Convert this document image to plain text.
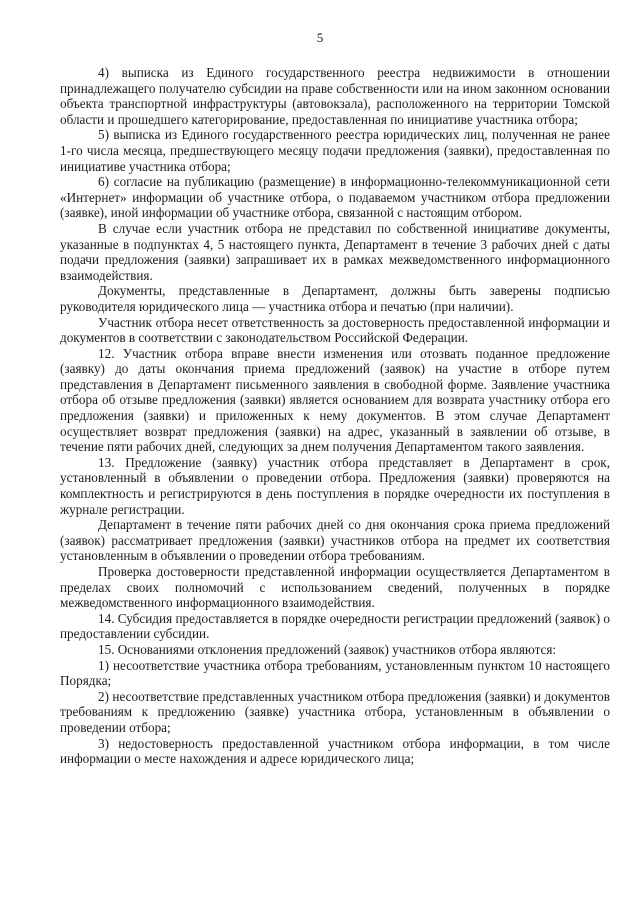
5

4) выписка из Единого государственного реестра недвижимости в отношении принадлежащего получателю субсидии на праве собственности или на ином законном основании объекта транспортной инфраструктуры (автовокзала), расположенного на территории Томской области и прошедшего категорирование, предоставленная по инициативе участника отбора;

5) выписка из Единого государственного реестра юридических лиц, полученная не ранее 1-го числа месяца, предшествующего месяцу подачи предложения (заявки), предоставленная по инициативе участника отбора;

6) согласие на публикацию (размещение) в информационно-телекоммуникационной сети «Интернет» информации об участнике отбора, о подаваемом участником отбора предложении (заявке), иной информации об участнике отбора, связанной с настоящим отбором.

В случае если участник отбора не представил по собственной инициативе документы, указанные в подпунктах 4, 5 настоящего пункта, Департамент в течение 3 рабочих дней с даты подачи предложения (заявки) запрашивает их в рамках межведомственного информационного взаимодействия.

Документы, представленные в Департамент, должны быть заверены подписью руководителя юридического лица — участника отбора и печатью (при наличии).

Участник отбора несет ответственность за достоверность предоставленной информации и документов в соответствии с законодательством Российской Федерации.

12. Участник отбора вправе внести изменения или отозвать поданное предложение (заявку) до даты окончания приема предложений (заявок) на участие в отборе путем представления в Департамент письменного заявления в свободной форме. Заявление участника отбора об отзыве предложения (заявки) является основанием для возврата участнику отбора его предложения (заявки) и приложенных к нему документов. В этом случае Департамент осуществляет возврат предложения (заявки) на адрес, указанный в заявлении об отзыве, в течение пяти рабочих дней, следующих за днем получения Департаментом такого заявления.

13. Предложение (заявку) участник отбора представляет в Департамент в срок, установленный в объявлении о проведении отбора. Предложения (заявки) проверяются на комплектность и регистрируются в день поступления в порядке очередности их поступления в журнале регистрации.

Департамент в течение пяти рабочих дней со дня окончания срока приема предложений (заявок) рассматривает предложения (заявки) участников отбора на предмет их соответствия установленным в объявлении о проведении отбора требованиям.

Проверка достоверности представленной информации осуществляется Департаментом в пределах своих полномочий с использованием сведений, полученных в порядке межведомственного информационного взаимодействия.

14. Субсидия предоставляется в порядке очередности регистрации предложений (заявок) о предоставлении субсидии.

15. Основаниями отклонения предложений (заявок) участников отбора являются:

1) несоответствие участника отбора требованиям, установленным пунктом 10 настоящего Порядка;

2) несоответствие представленных участником отбора предложения (заявки) и документов требованиям к предложению (заявке) участника отбора, установленным в объявлении о проведении отбора;

3) недостоверность предоставленной участником отбора информации, в том числе информации о месте нахождения и адресе юридического лица;
